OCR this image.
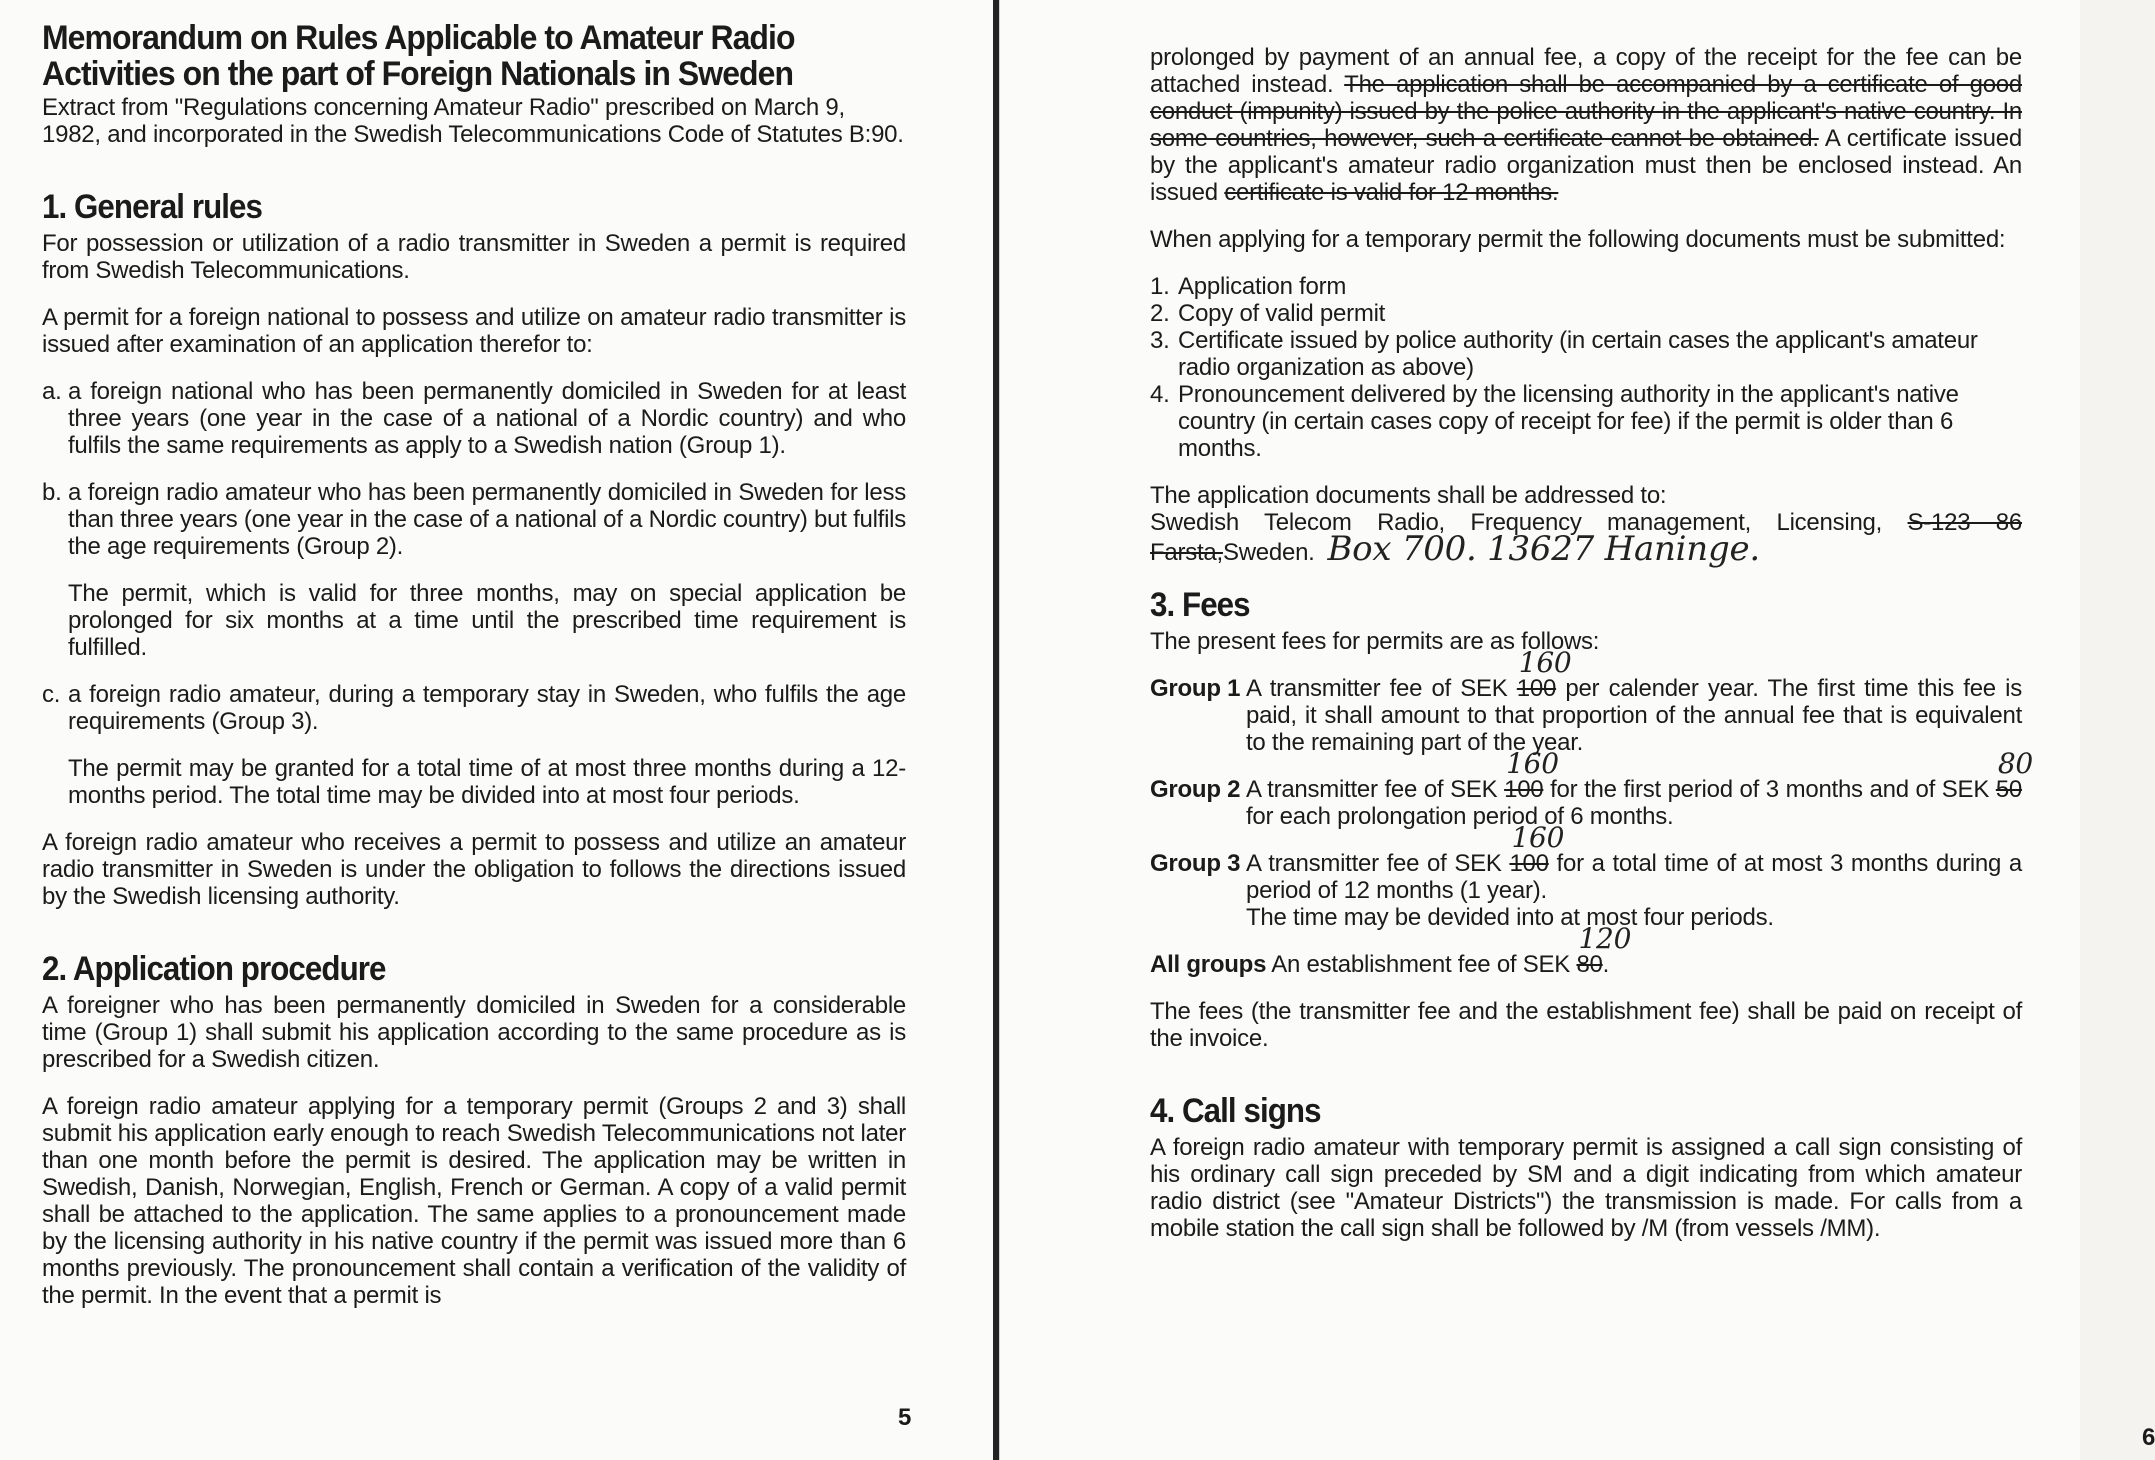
Memorandum on Rules Applicable to Amateur Radio
Activities on the part of Foreign Nationals in Sweden

Extract from "Regulations concerning Amateur Radio" prescribed on March 9, 1982, and incorporated in the Swedish Telecommunications Code of Statutes B:90.

1. General rules

For possession or utilization of a radio transmitter in Sweden a permit is required from Swedish Telecommunications.

A permit for a foreign national to possess and utilize on amateur radio transmitter is issued after examination of an application therefor to:

a. a foreign national who has been permanently domiciled in Sweden for at least three years (one year in the case of a national of a Nordic country) and who fulfils the same requirements as apply to a Swedish nation (Group 1).
b. a foreign radio amateur who has been permanently domiciled in Sweden for less than three years (one year in the case of a national of a Nordic country) but fulfils the age requirements (Group 2).

The permit, which is valid for three months, may on special application be prolonged for six months at a time until the prescribed time requirement is fulfilled.

c. a foreign radio amateur, during a temporary stay in Sweden, who fulfils the age requirements (Group 3).

The permit may be granted for a total time of at most three months during a 12-months period. The total time may be divided into at most four periods.

A foreign radio amateur who receives a permit to possess and utilize an amateur radio transmitter in Sweden is under the obligation to follows the directions issued by the Swedish licensing authority.

2. Application procedure

A foreigner who has been permanently domiciled in Sweden for a considerable time (Group 1) shall submit his application according to the same procedure as is prescribed for a Swedish citizen.

A foreign radio amateur applying for a temporary permit (Groups 2 and 3) shall submit his application early enough to reach Swedish Telecommunications not later than one month before the permit is desired. The application may be written in Swedish, Danish, Norwegian, English, French or German. A copy of a valid permit shall be attached to the application. The same applies to a pronouncement made by the licensing authority in his native country if the permit was issued more than 6 months previously. The pronouncement shall contain a verification of the validity of the permit. In the event that a permit is

5
6

prolonged by payment of an annual fee, a copy of the receipt for the fee can be attached instead. The application shall be accompanied by a certificate of good conduct (impunity) issued by the police authority in the applicant's native country. In some countries, however, such a certificate cannot be obtained. A certificate issued by the applicant's amateur radio organization must then be enclosed instead. An issued certificate is valid for 12 months.

When applying for a temporary permit the following documents must be submitted:

1. Application form
2. Copy of valid permit
3. Certificate issued by police authority (in certain cases the applicant's amateur radio organization as above)
4. Pronouncement delivered by the licensing authority in the applicant's native country (in certain cases copy of receipt for fee) if the permit is older than 6 months.

The application documents shall be addressed to:

Swedish Telecom Radio, Frequency management, Licensing, S-123 86 Farsta,Sweden. Box 700. 13627 Haninge.

3. Fees

The present fees for permits are as follows:

Group 1 A transmitter fee of SEK 100
160
per calender year. The first time this fee is paid, it shall amount to that proportion of the annual fee that is equivalent to the remaining part of the year.
Group 2 A transmitter fee of SEK 100
160
for the first period of 3 months and of SEK 50
80
for each prolongation period of 6 months.
Group 3 A transmitter fee of SEK 100
160
for a total time of at most 3 months during a period of 12 months (1 year).
The time may be devided into at most four periods.

All groups An establishment fee of SEK 80
120
.

The fees (the transmitter fee and the establishment fee) shall be paid on receipt of the invoice.

4. Call signs

A foreign radio amateur with temporary permit is assigned a call sign consisting of his ordinary call sign preceded by SM and a digit indicating from which amateur radio district (see "Amateur Districts") the transmission is made. For calls from a mobile station the call sign shall be followed by /M (from vessels /MM).
